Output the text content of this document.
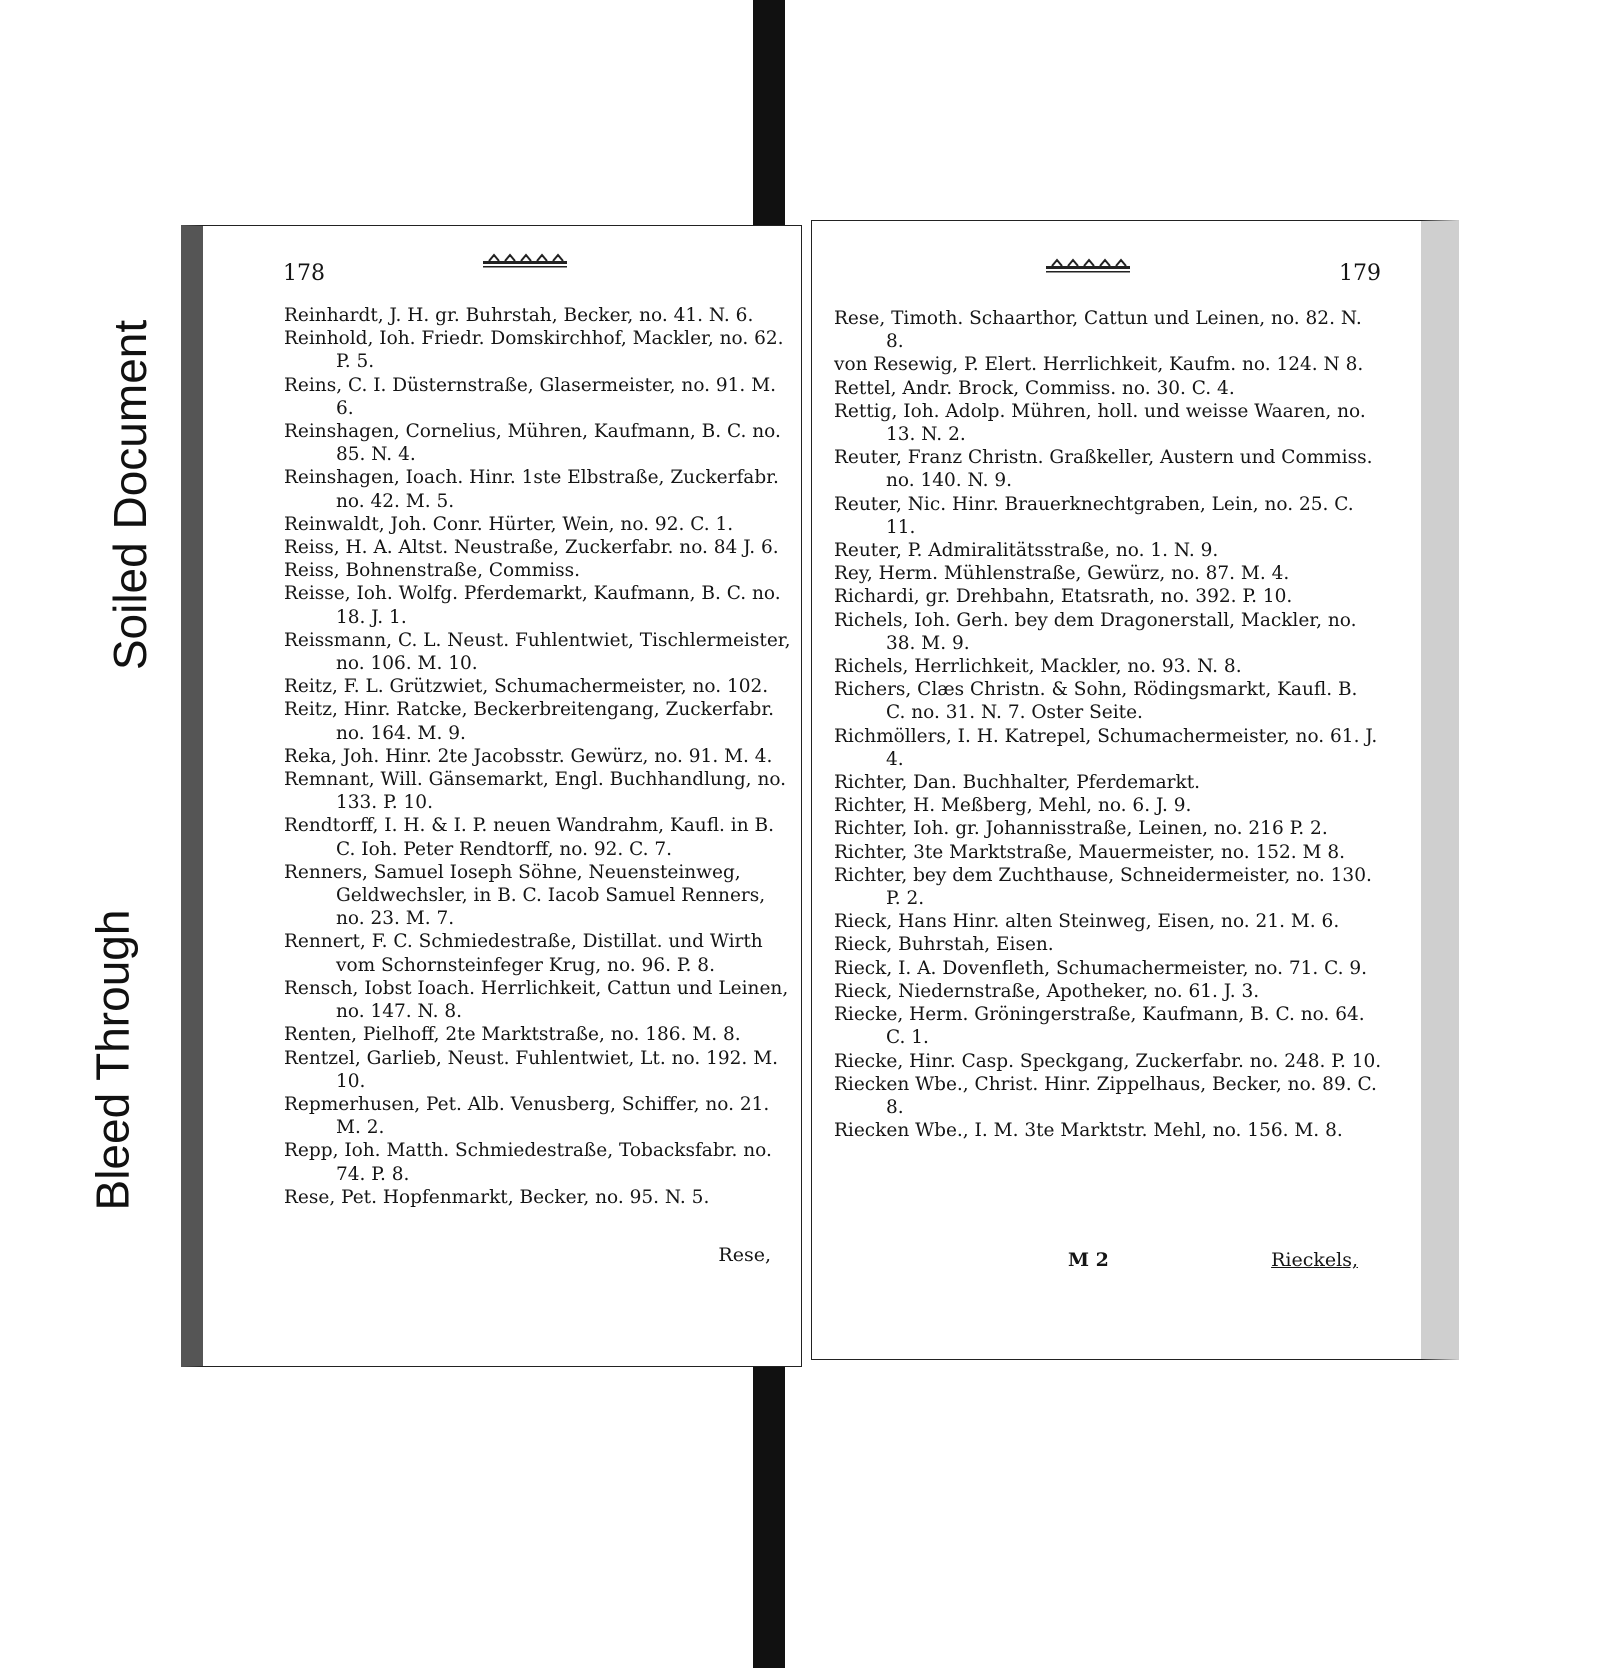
Soiled Document
Bleed Through
178

Reinhardt, J. H. gr. Buhrstah, Becker, no. 41. N. 6.

Reinhold, Ioh. Friedr. Domskirchhof, Mackler, no. 62. P. 5.

Reins, C. I. Düsternstraße, Glasermeister, no. 91. M. 6.

Reinshagen, Cornelius, Mühren, Kaufmann, B. C. no. 85. N. 4.

Reinshagen, Ioach. Hinr. 1ste Elbstraße, Zuckerfabr. no. 42. M. 5.

Reinwaldt, Joh. Conr. Hürter, Wein, no. 92. C. 1.

Reiss, H. A. Altst. Neustraße, Zuckerfabr. no. 84 J. 6.

Reiss, Bohnenstraße, Commiss.

Reisse, Ioh. Wolfg. Pferdemarkt, Kaufmann, B. C. no. 18. J. 1.

Reissmann, C. L. Neust. Fuhlentwiet, Tischlermeister, no. 106. M. 10.

Reitz, F. L. Grützwiet, Schumachermeister, no. 102.

Reitz, Hinr. Ratcke, Beckerbreitengang, Zuckerfabr. no. 164. M. 9.

Reka, Joh. Hinr. 2te Jacobsstr. Gewürz, no. 91. M. 4.

Remnant, Will. Gänsemarkt, Engl. Buchhandlung, no. 133. P. 10.

Rendtorff, I. H. & I. P. neuen Wandrahm, Kaufl. in B. C. Ioh. Peter Rendtorff, no. 92. C. 7.

Renners, Samuel Ioseph Söhne, Neuensteinweg, Geldwechsler, in B. C. Iacob Samuel Renners, no. 23. M. 7.

Rennert, F. C. Schmiedestraße, Distillat. und Wirth vom Schornsteinfeger Krug, no. 96. P. 8.

Rensch, Iobst Ioach. Herrlichkeit, Cattun und Leinen, no. 147. N. 8.

Renten, Pielhoff, 2te Marktstraße, no. 186. M. 8.

Rentzel, Garlieb, Neust. Fuhlentwiet, Lt. no. 192. M. 10.

Repmerhusen, Pet. Alb. Venusberg, Schiffer, no. 21. M. 2.

Repp, Ioh. Matth. Schmiedestraße, Tobacksfabr. no. 74. P. 8.

Rese, Pet. Hopfenmarkt, Becker, no. 95. N. 5.

Rese,
179

Rese, Timoth. Schaarthor, Cattun und Leinen, no. 82. N. 8.

von Resewig, P. Elert. Herrlichkeit, Kaufm. no. 124. N 8.

Rettel, Andr. Brock, Commiss. no. 30. C. 4.

Rettig, Ioh. Adolp. Mühren, holl. und weisse Waaren, no. 13. N. 2.

Reuter, Franz Christn. Graßkeller, Austern und Commiss. no. 140. N. 9.

Reuter, Nic. Hinr. Brauerknechtgraben, Lein, no. 25. C. 11.

Reuter, P. Admiralitätsstraße, no. 1. N. 9.

Rey, Herm. Mühlenstraße, Gewürz, no. 87. M. 4.

Richardi, gr. Drehbahn, Etatsrath, no. 392. P. 10.

Richels, Ioh. Gerh. bey dem Dragonerstall, Mackler, no. 38. M. 9.

Richels, Herrlichkeit, Mackler, no. 93. N. 8.

Richers, Clæs Christn. & Sohn, Rödingsmarkt, Kaufl. B. C. no. 31. N. 7. Oster Seite.

Richmöllers, I. H. Katrepel, Schumachermeister, no. 61. J. 4.

Richter, Dan. Buchhalter, Pferdemarkt.

Richter, H. Meßberg, Mehl, no. 6. J. 9.

Richter, Ioh. gr. Johannisstraße, Leinen, no. 216 P. 2.

Richter, 3te Marktstraße, Mauermeister, no. 152. M 8.

Richter, bey dem Zuchthause, Schneidermeister, no. 130. P. 2.

Rieck, Hans Hinr. alten Steinweg, Eisen, no. 21. M. 6.

Rieck, Buhrstah, Eisen.

Rieck, I. A. Dovenfleth, Schumachermeister, no. 71. C. 9.

Rieck, Niedernstraße, Apotheker, no. 61. J. 3.

Riecke, Herm. Gröningerstraße, Kaufmann, B. C. no. 64. C. 1.

Riecke, Hinr. Casp. Speckgang, Zuckerfabr. no. 248. P. 10.

Riecken Wbe., Christ. Hinr. Zippelhaus, Becker, no. 89. C. 8.

Riecken Wbe., I. M. 3te Marktstr. Mehl, no. 156. M. 8.

M 2	Rieckels,
